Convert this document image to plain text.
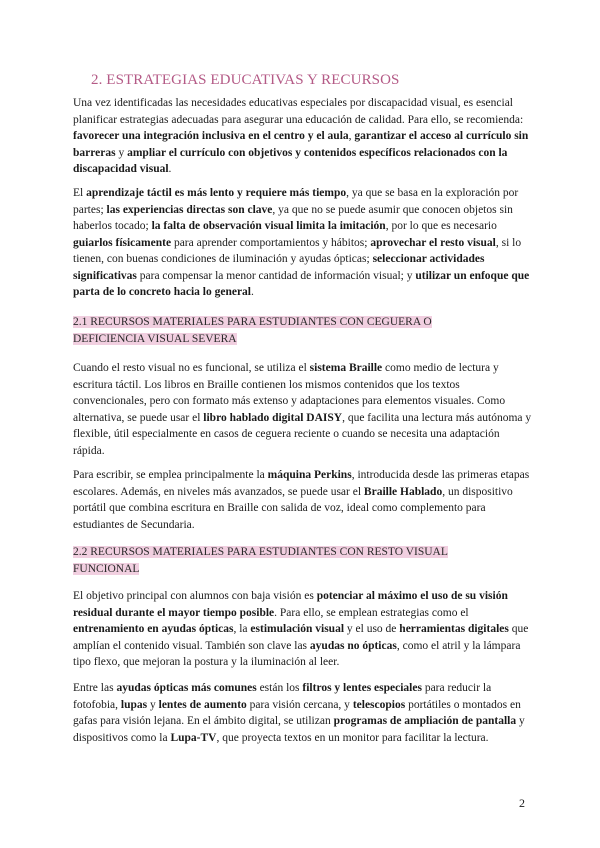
2. ESTRATEGIAS EDUCATIVAS Y RECURSOS

Una vez identificadas las necesidades educativas especiales por discapacidad visual, es esencial planificar estrategias adecuadas para asegurar una educación de calidad. Para ello, se recomienda: favorecer una integración inclusiva en el centro y el aula, garantizar el acceso al currículo sin barreras y ampliar el currículo con objetivos y contenidos específicos relacionados con la discapacidad visual.

El aprendizaje táctil es más lento y requiere más tiempo, ya que se basa en la exploración por partes; las experiencias directas son clave, ya que no se puede asumir que conocen objetos sin haberlos tocado; la falta de observación visual limita la imitación, por lo que es necesario guiarlos físicamente para aprender comportamientos y hábitos; aprovechar el resto visual, si lo tienen, con buenas condiciones de iluminación y ayudas ópticas; seleccionar actividades significativas para compensar la menor cantidad de información visual; y utilizar un enfoque que parta de lo concreto hacia lo general.

2.1 RECURSOS MATERIALES PARA ESTUDIANTES CON CEGUERA O
DEFICIENCIA VISUAL SEVERA

Cuando el resto visual no es funcional, se utiliza el sistema Braille como medio de lectura y escritura táctil. Los libros en Braille contienen los mismos contenidos que los textos convencionales, pero con formato más extenso y adaptaciones para elementos visuales. Como alternativa, se puede usar el libro hablado digital DAISY, que facilita una lectura más autónoma y flexible, útil especialmente en casos de ceguera reciente o cuando se necesita una adaptación rápida.

Para escribir, se emplea principalmente la máquina Perkins, introducida desde las primeras etapas escolares. Además, en niveles más avanzados, se puede usar el Braille Hablado, un dispositivo portátil que combina escritura en Braille con salida de voz, ideal como complemento para estudiantes de Secundaria.

2.2 RECURSOS MATERIALES PARA ESTUDIANTES CON RESTO VISUAL
FUNCIONAL

El objetivo principal con alumnos con baja visión es potenciar al máximo el uso de su visión residual durante el mayor tiempo posible. Para ello, se emplean estrategias como el entrenamiento en ayudas ópticas, la estimulación visual y el uso de herramientas digitales que amplían el contenido visual. También son clave las ayudas no ópticas, como el atril y la lámpara tipo flexo, que mejoran la postura y la iluminación al leer.

Entre las ayudas ópticas más comunes están los filtros y lentes especiales para reducir la fotofobia, lupas y lentes de aumento para visión cercana, y telescopios portátiles o montados en gafas para visión lejana. En el ámbito digital, se utilizan programas de ampliación de pantalla y dispositivos como la Lupa-TV, que proyecta textos en un monitor para facilitar la lectura.

2
